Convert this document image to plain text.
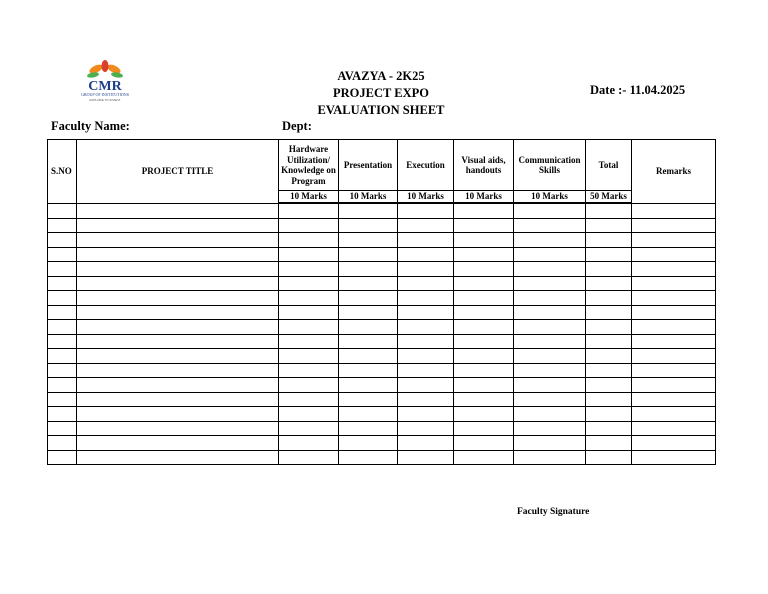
CMR
GROUP OF INSTITUTIONS
EXPLORE TO INVENT
AVAZYA - 2K25
PROJECT EXPO
EVALUATION SHEET
Date :- 11.04.2025
Faculty Name:	Dept:
S.NO	PROJECT TITLE	Hardware Utilization/ Knowledge on Program	Presentation	Execution	Visual aids, handouts	Communication Skills	Total	Remarks
		10 Marks	10 Marks	10 Marks	10 Marks	10 Marks	50 Marks	

Faculty Signature
